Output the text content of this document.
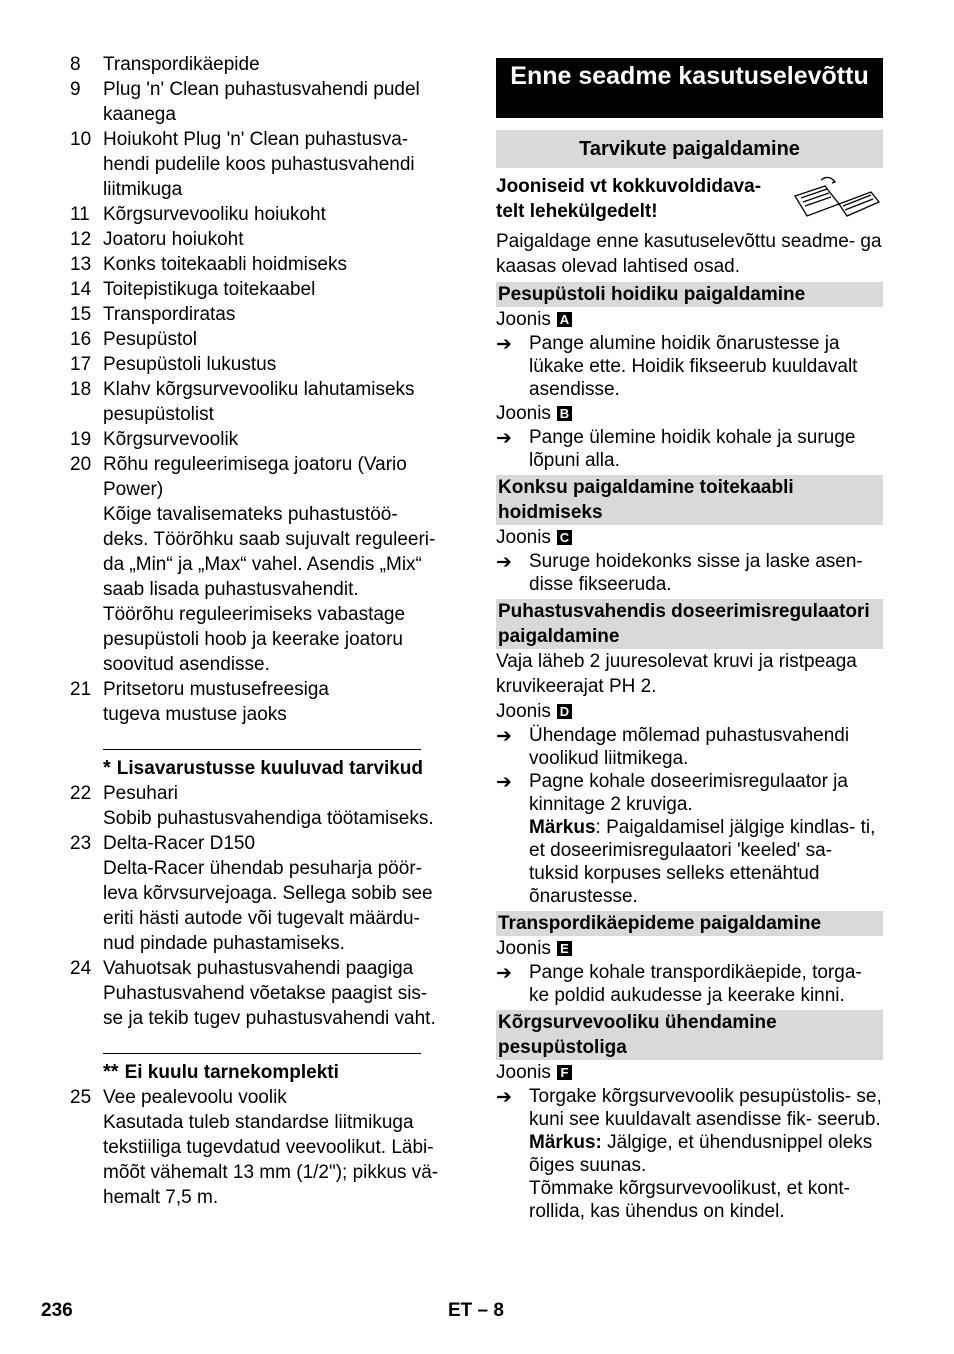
8	Transpordikäepide
9	Plug 'n' Clean puhastusvahendi pudel
kaanega
10 Hoiukoht Plug 'n' Clean puhastusva-
hendi pudelile koos puhastusvahendi
liitmikuga
11 Kõrgsurvevooliku hoiukoht
12 Joatoru hoiukoht
13 Konks toitekaabli hoidmiseks
14 Toitepistikuga toitekaabel
15 Transpordiratas
16 Pesupüstol
17 Pesupüstoli lukustus
18 Klahv kõrgsurvevooliku lahutamiseks
pesupüstolist
19 Kõrgsurvevoolik
20 Rõhu reguleerimisega joatoru (Vario
Power)
Kõige tavalisemateks puhastustöö-
deks. Töörõhku saab sujuvalt reguleeri-
da „Min“ ja „Max“ vahel. Asendis „Mix“
saab lisada puhastusvahendit.
Töörõhu reguleerimiseks vabastage
pesupüstoli hoob ja keerake joatoru
soovitud asendisse.
21 Pritsetoru mustusefreesiga
tugeva mustuse jaoks
* Lisavarustusse kuuluvad tarvikud
22 Pesuhari
Sobib puhastusvahendiga töötamiseks.
23 Delta-Racer D150
Delta-Racer ühendab pesuharja pöör-
leva kõrvsurvejoaga. Sellega sobib see
eriti hästi autode või tugevalt määrdu-
nud pindade puhastamiseks.
24 Vahuotsak puhastusvahendi paagiga
Puhastusvahend võetakse paagist sis-
se ja tekib tugev puhastusvahendi vaht.
** Ei kuulu tarnekomplekti
25 Vee pealevoolu voolik
Kasutada tuleb standardse liitmikuga
tekstiiliga tugevdatud veevoolikut. Läbi-
mõõt vähemalt 13 mm (1/2"); pikkus vä-
hemalt 7,5 m.
Enne seadme kasutuselevõttu
Tarvikute paigaldamine
Jooniseid vt kokkuvoldidava- telt lehekülgedelt!
Paigaldage enne kasutuselevõttu seadme- ga kaasas olevad lahtised osad.
Pesupüstoli hoidiku paigaldamine
Joonis A
➔ Pange alumine hoidik õnarustesse ja lükake ette. Hoidik fikseerub kuuldavalt asendisse.
Joonis B
➔ Pange ülemine hoidik kohale ja suruge lõpuni alla.
Konksu paigaldamine toitekaabli hoidmiseks
Joonis C
➔ Suruge hoidekonks sisse ja laske asen- disse fikseeruda.
Puhastusvahendis doseerimisregulaatori paigaldamine
Vaja läheb 2 juuresolevat kruvi ja ristpeaga kruvikeerajat PH 2.
Joonis D
➔ Ühendage mõlemad puhastusvahendi voolikud liitmikega.
➔ Pagne kohale doseerimisregulaator ja kinnitage 2 kruviga.
Märkus: Paigaldamisel jälgige kindlas- ti, et doseerimisregulaatori 'keeled' sa- tuksid korpuses selleks ettenähtud õnarustesse.
Transpordikäepideme paigaldamine
Joonis E
➔ Pange kohale transpordikäepide, torga- ke poldid aukudesse ja keerake kinni.
Kõrgsurvevooliku ühendamine pesupüstoliga
Joonis F
➔ Torgake kõrgsurvevoolik pesupüstolis- se, kuni see kuuldavalt asendisse fik- seerub.
Märkus: Jälgige, et ühendusnippel oleks õiges suunas.
Tõmmake kõrgsurvevoolikust, et kont- rollida, kas ühendus on kindel.
236	ET – 8
